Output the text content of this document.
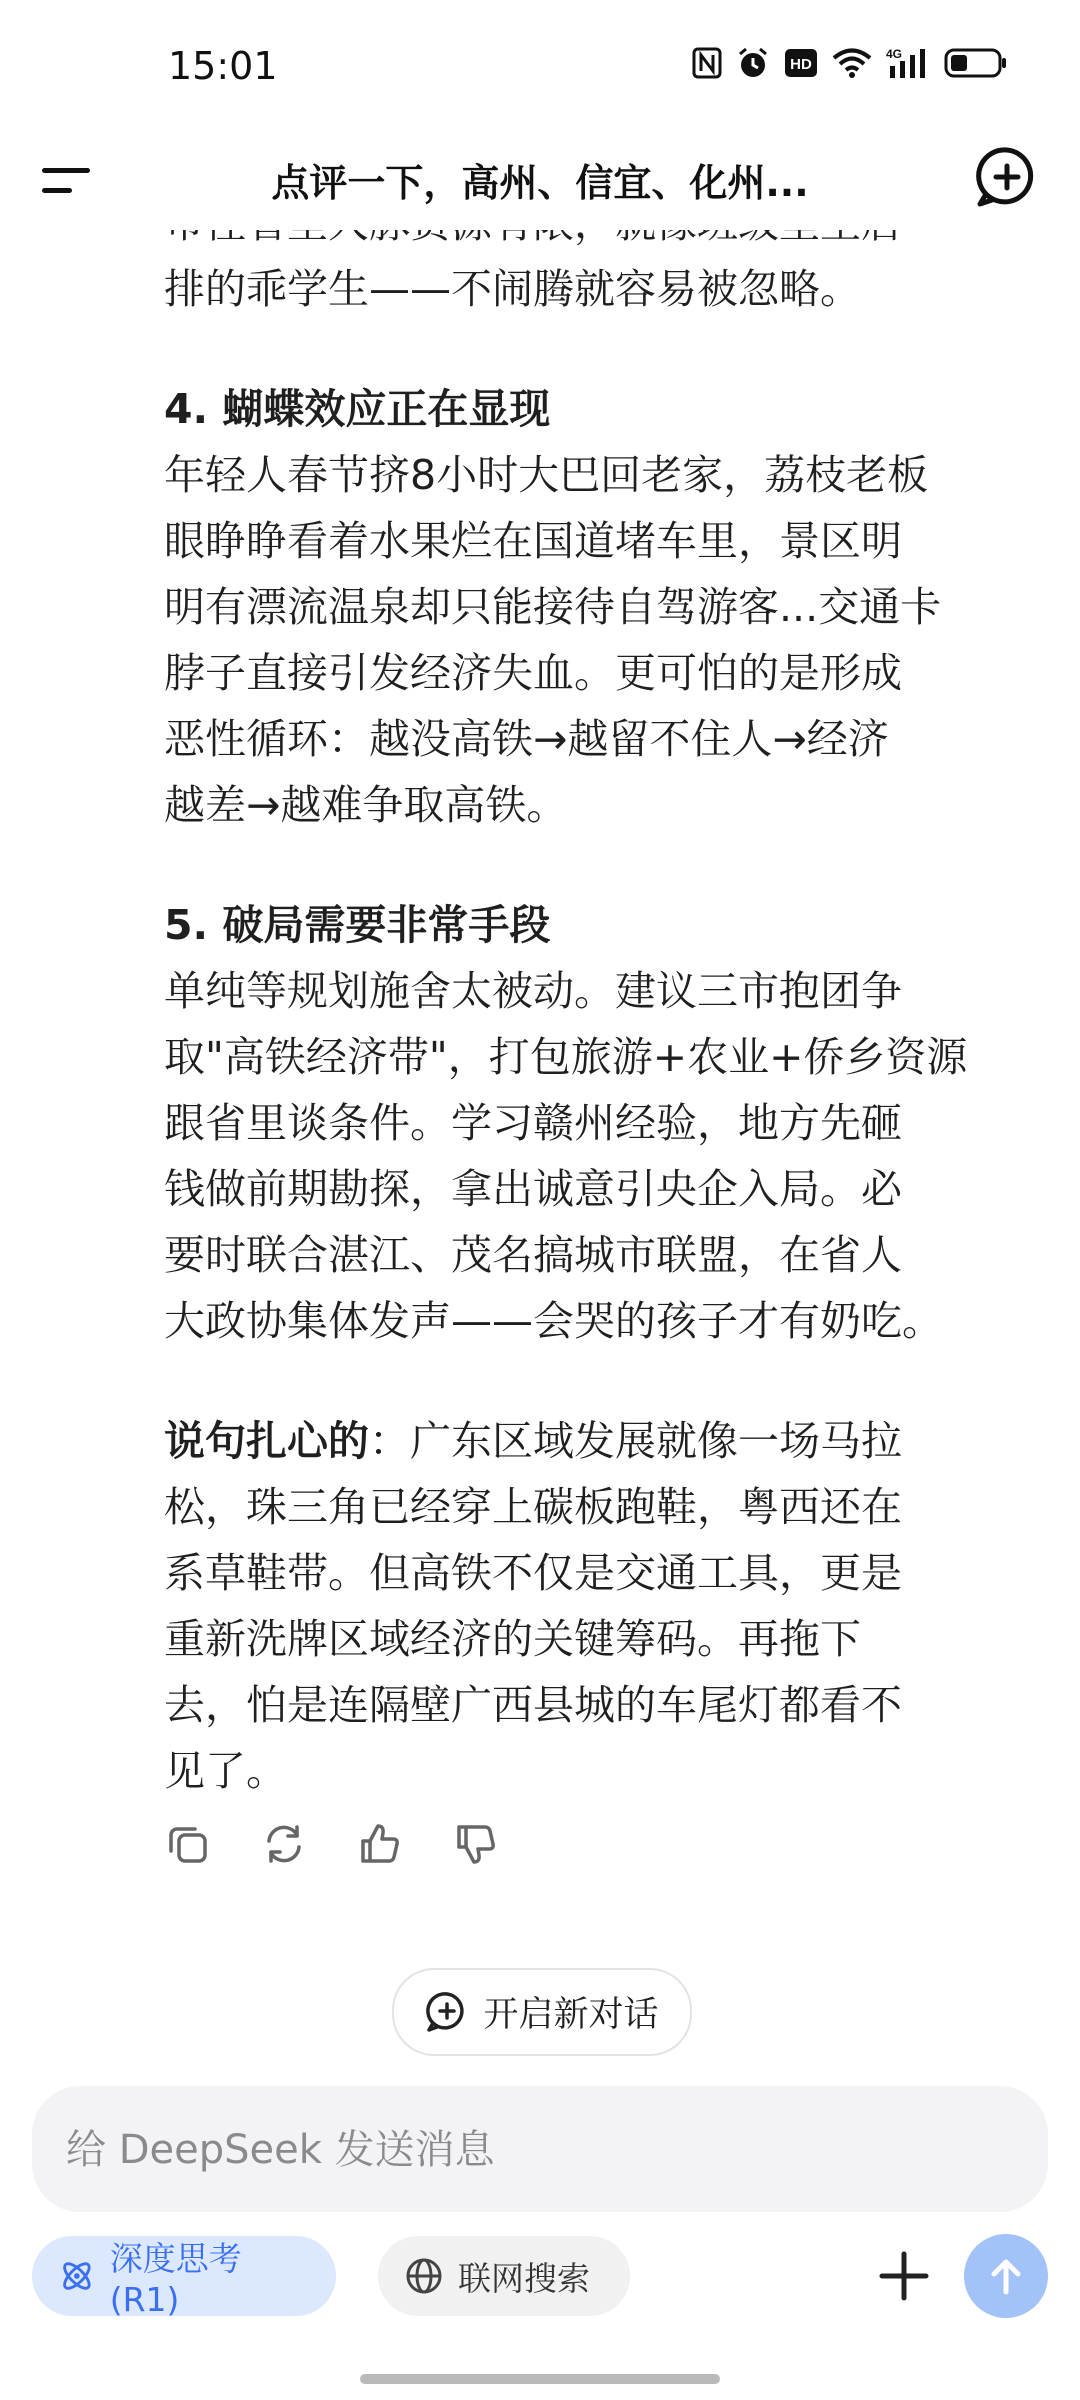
15:01	HD
4G
点评一下，高州、信宜、化州...

排的乖学生——不闹腾就容易被忽略。

4. 蝴蝶效应正在显现

年轻人春节挤8小时大巴回老家，荔枝老板

眼睁睁看着水果烂在国道堵车里，景区明

明有漂流温泉却只能接待自驾游客...交通卡

脖子直接引发经济失血。更可怕的是形成

恶性循环：越没高铁→越留不住人→经济

越差→越难争取高铁。

5. 破局需要非常手段

单纯等规划施舍太被动。建议三市抱团争

取"高铁经济带"，打包旅游+农业+侨乡资源

跟省里谈条件。学习赣州经验，地方先砸

钱做前期勘探，拿出诚意引央企入局。必

要时联合湛江、茂名搞城市联盟，在省人

大政协集体发声——会哭的孩子才有奶吃。

说句扎心的：广东区域发展就像一场马拉

松，珠三角已经穿上碳板跑鞋，粤西还在

系草鞋带。但高铁不仅是交通工具，更是

重新洗牌区域经济的关键筹码。再拖下

去，怕是连隔壁广西县城的车尾灯都看不

见了。

开启新对话
给 DeepSeek 发送消息
深度思考 (R1)
联网搜索
